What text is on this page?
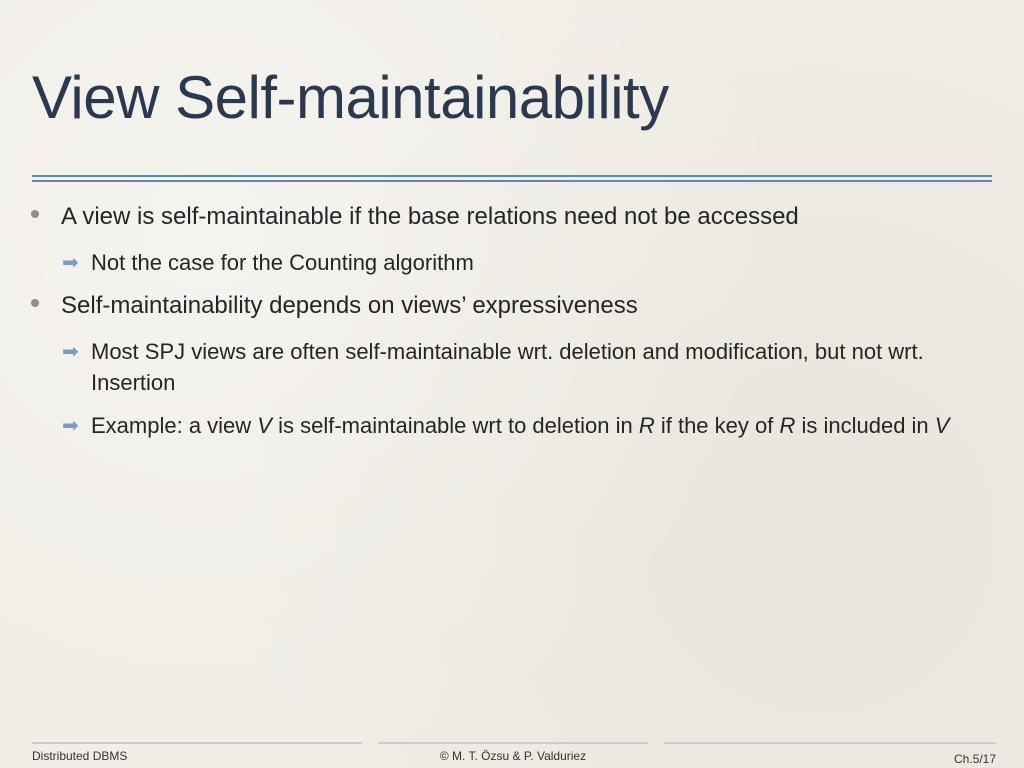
View Self-maintainability
A view is self-maintainable if the base relations need not be accessed
➡ Not the case for the Counting algorithm
Self-maintainability depends on views’ expressiveness
➡ Most SPJ views are often self-maintainable wrt. deletion and modification, but not wrt. Insertion
➡ Example: a view V is self-maintainable wrt to deletion in R if the key of R is included in V
Distributed DBMS	© M. T. Özsu & P. Valduriez	Ch.5/17
